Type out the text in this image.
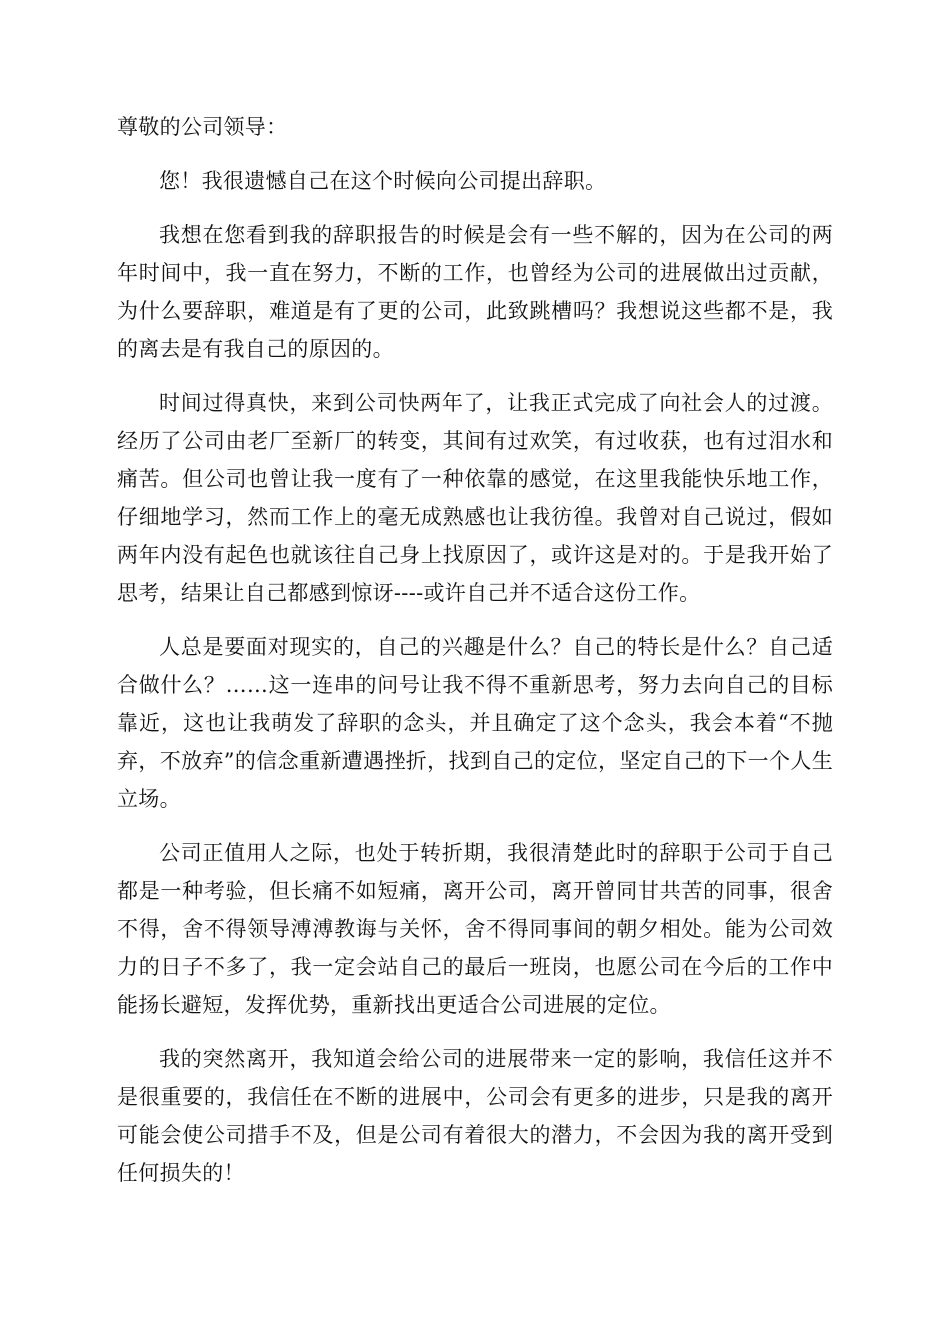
尊敬的公司领导：

您！我很遗憾自己在这个时候向公司提出辞职。

我想在您看到我的辞职报告的时候是会有一些不解的，因为在公司的两年时间中，我一直在努力，不断的工作，也曾经为公司的进展做出过贡献，为什么要辞职，难道是有了更的公司，此致跳槽吗？我想说这些都不是，我的离去是有我自己的原因的。

时间过得真快，来到公司快两年了，让我正式完成了向社会人的过渡。经历了公司由老厂至新厂的转变，其间有过欢笑，有过收获，也有过泪水和痛苦。但公司也曾让我一度有了一种依靠的感觉，在这里我能快乐地工作，仔细地学习，然而工作上的毫无成熟感也让我彷徨。我曾对自己说过，假如两年内没有起色也就该往自己身上找原因了，或许这是对的。于是我开始了思考，结果让自己都感到惊讶----或许自己并不适合这份工作。

人总是要面对现实的，自己的兴趣是什么？自己的特长是什么？自己适合做什么？……这一连串的问号让我不得不重新思考，努力去向自己的目标靠近，这也让我萌发了辞职的念头，并且确定了这个念头，我会本着“不抛弃，不放弃”的信念重新遭遇挫折，找到自己的定位，坚定自己的下一个人生立场。

公司正值用人之际，也处于转折期，我很清楚此时的辞职于公司于自己都是一种考验，但长痛不如短痛，离开公司，离开曾同甘共苦的同事，很舍不得，舍不得领导溥溥教诲与关怀，舍不得同事间的朝夕相处。能为公司效力的日子不多了，我一定会站自己的最后一班岗，也愿公司在今后的工作中能扬长避短，发挥优势，重新找出更适合公司进展的定位。

我的突然离开，我知道会给公司的进展带来一定的影响，我信任这并不是很重要的，我信任在不断的进展中，公司会有更多的进步，只是我的离开可能会使公司措手不及，但是公司有着很大的潜力，不会因为我的离开受到任何损失的！
